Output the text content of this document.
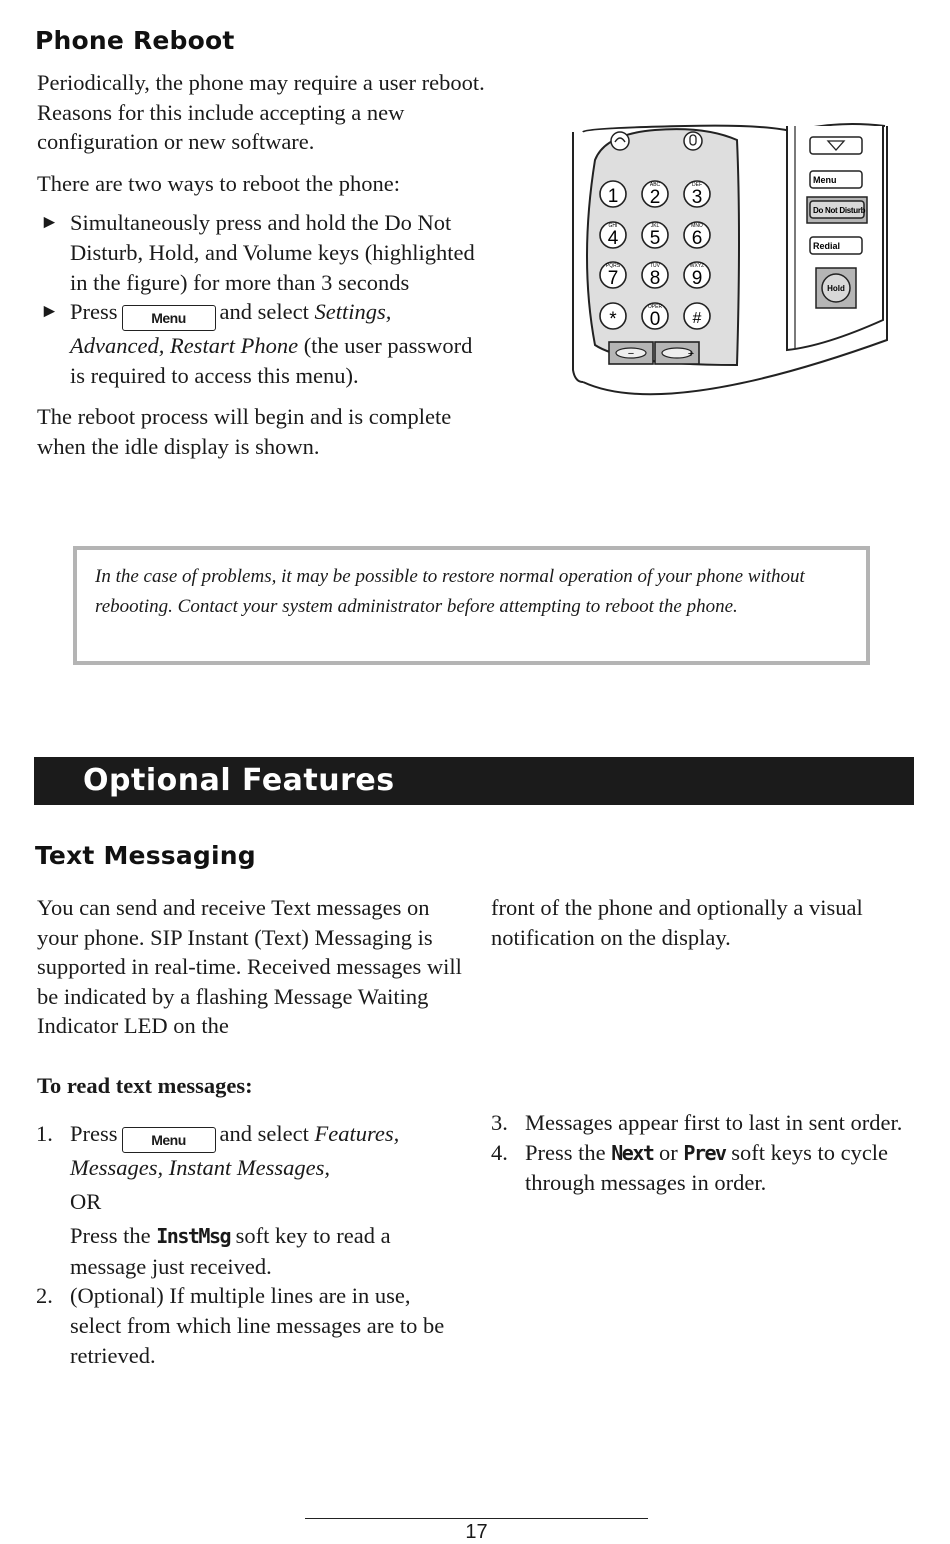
Phone Reboot

Periodically, the phone may require a user reboot. Reasons for this include accepting a new configuration or new software.

There are two ways to reboot the phone:

► Simultaneously press and hold the Do Not Disturb, Hold, and Volume keys (highlighted in the figure) for more than 3 seconds
► Press Menu and select Settings, Advanced, Restart Phone (the user password is required to access this menu).

The reboot process will begin and is complete when the idle display is shown.

1
ABC
2
DEF
3
GHI
4
JKL
5
MNO
6
PQRS
7
TUV
8
WXYZ
9
*
OPER
0 #
−	+
Menu
Do Not Disturb
Redial
Hold
In the case of problems, it may be possible to restore normal operation of your phone without rebooting. Contact your system administrator before attempting to reboot the phone.
Optional Features
Text Messaging
You can send and receive Text messages on your phone. SIP Instant (Text) Messaging is supported in real-time. Received messages will be indicated by a flashing Message Waiting Indicator LED on the
front of the phone and optionally a visual notification on the display.
To read text messages:
1. Press Menu and select Features, Messages, Instant Messages,
OR
Press the InstMsg soft key to read a message just received.
2. (Optional) If multiple lines are in use, select from which line messages are to be retrieved.
3. Messages appear first to last in sent order.
4. Press the Next or Prev soft keys to cycle through messages in order.
17
